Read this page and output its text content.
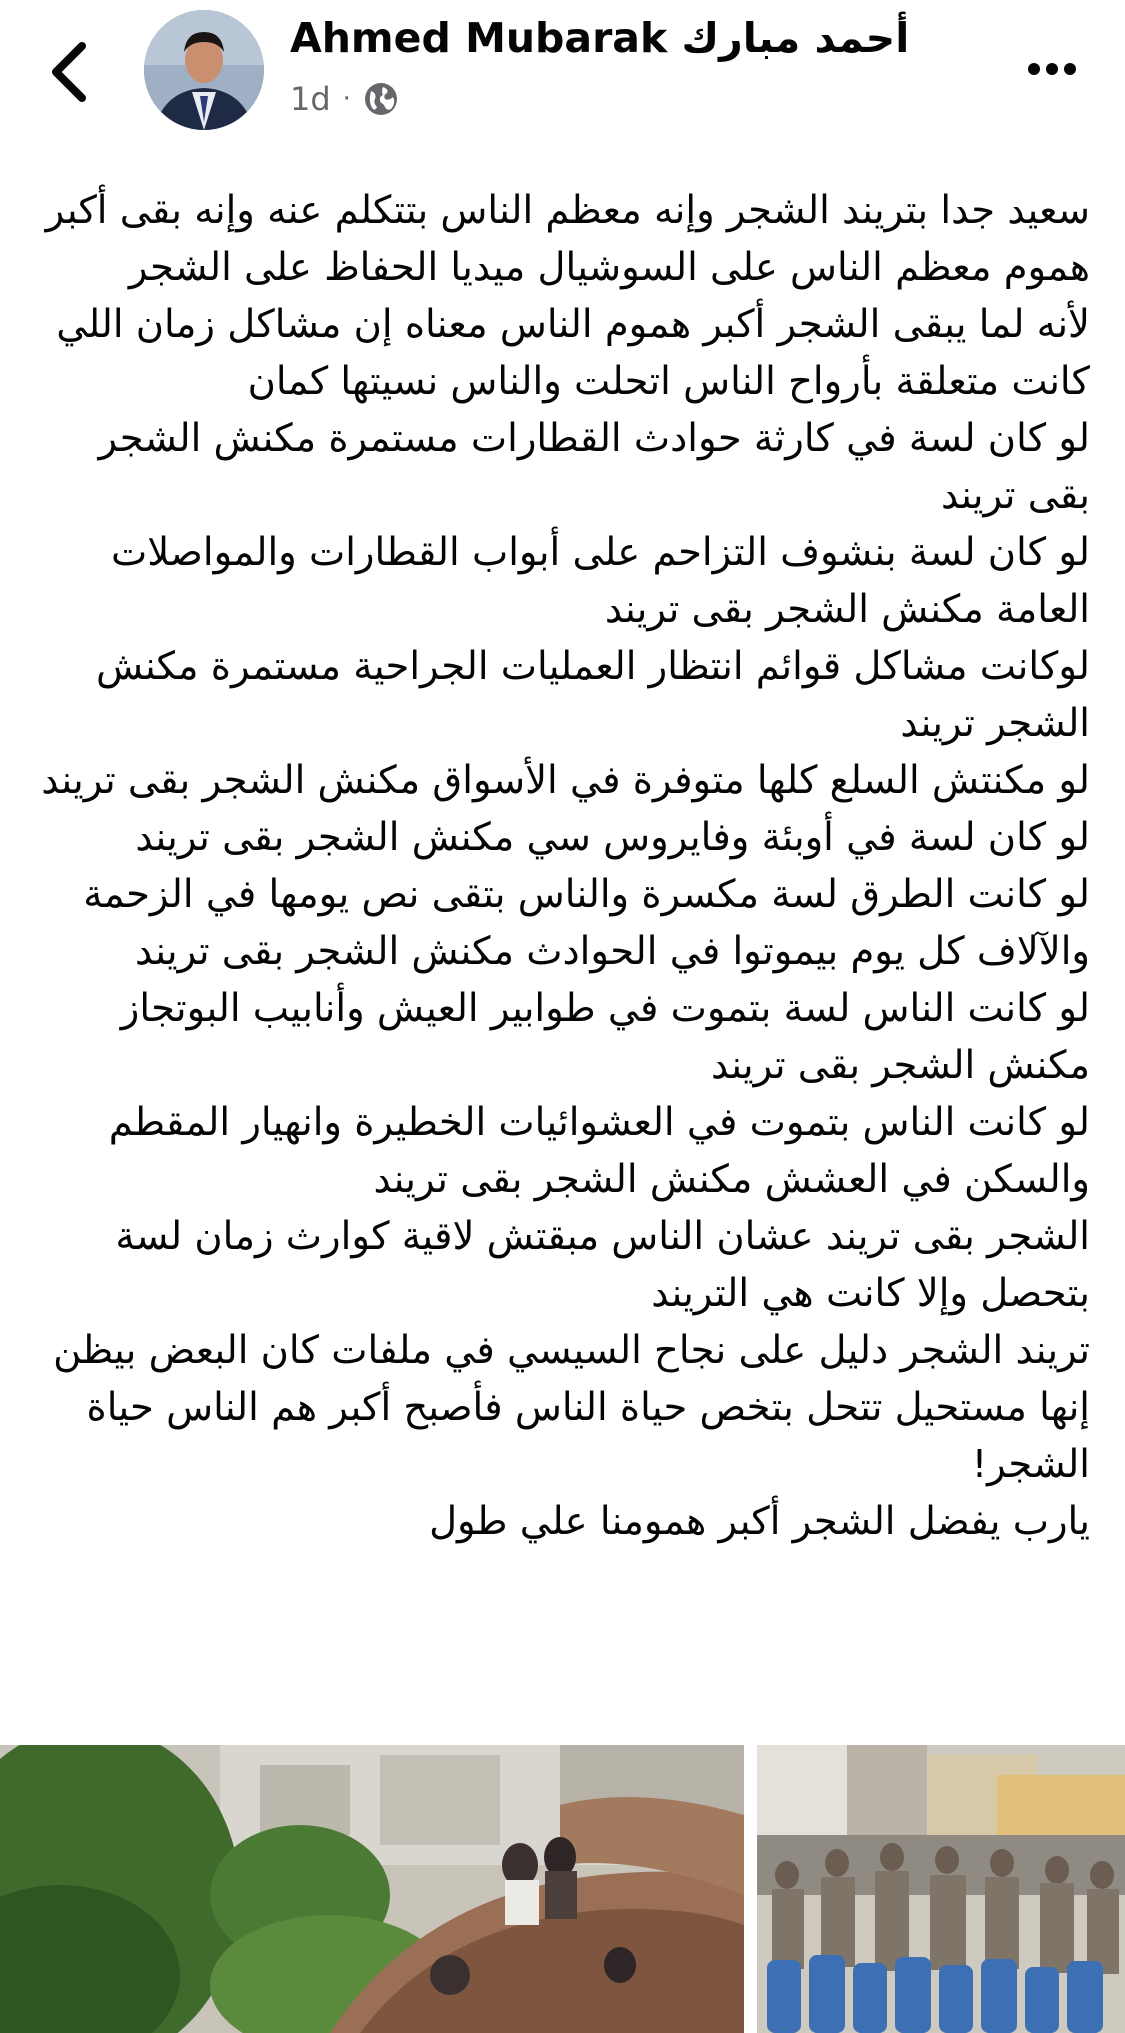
Ahmed Mubarak أحمد مبارك
1d ·

سعيد جدا بتريند الشجر وإنه معظم الناس بتتكلم عنه وإنه بقى أكبر هموم معظم الناس على السوشيال ميديا الحفاظ على الشجر

لأنه لما يبقى الشجر أكبر هموم الناس معناه إن مشاكل زمان اللي كانت متعلقة بأرواح الناس اتحلت والناس نسيتها كمان

لو كان لسة في كارثة حوادث القطارات مستمرة مكنش الشجر بقى تريند

لو كان لسة بنشوف التزاحم على أبواب القطارات والمواصلات العامة مكنش الشجر بقى تريند

لوكانت مشاكل قوائم انتظار العمليات الجراحية مستمرة مكنش الشجر تريند

لو مكنتش السلع كلها متوفرة في الأسواق مكنش الشجر بقى تريند

لو كان لسة في أوبئة وفايروس سي مكنش الشجر بقى تريند

لو كانت الطرق لسة مكسرة والناس بتقى نص يومها في الزحمة والآلاف كل يوم بيموتوا في الحوادث مكنش الشجر بقى تريند

لو كانت الناس لسة بتموت في طوابير العيش وأنابيب البوتجاز مكنش الشجر بقى تريند

لو كانت الناس بتموت في العشوائيات الخطيرة وانهيار المقطم والسكن في العشش مكنش الشجر بقى تريند

الشجر بقى تريند عشان الناس مبقتش لاقية كوارث زمان لسة بتحصل وإلا كانت هي التريند

تريند الشجر دليل على نجاح السيسي في ملفات كان البعض بيظن إنها مستحيل تتحل بتخص حياة الناس فأصبح أكبر هم الناس حياة الشجر!

يارب يفضل الشجر أكبر همومنا علي طول
